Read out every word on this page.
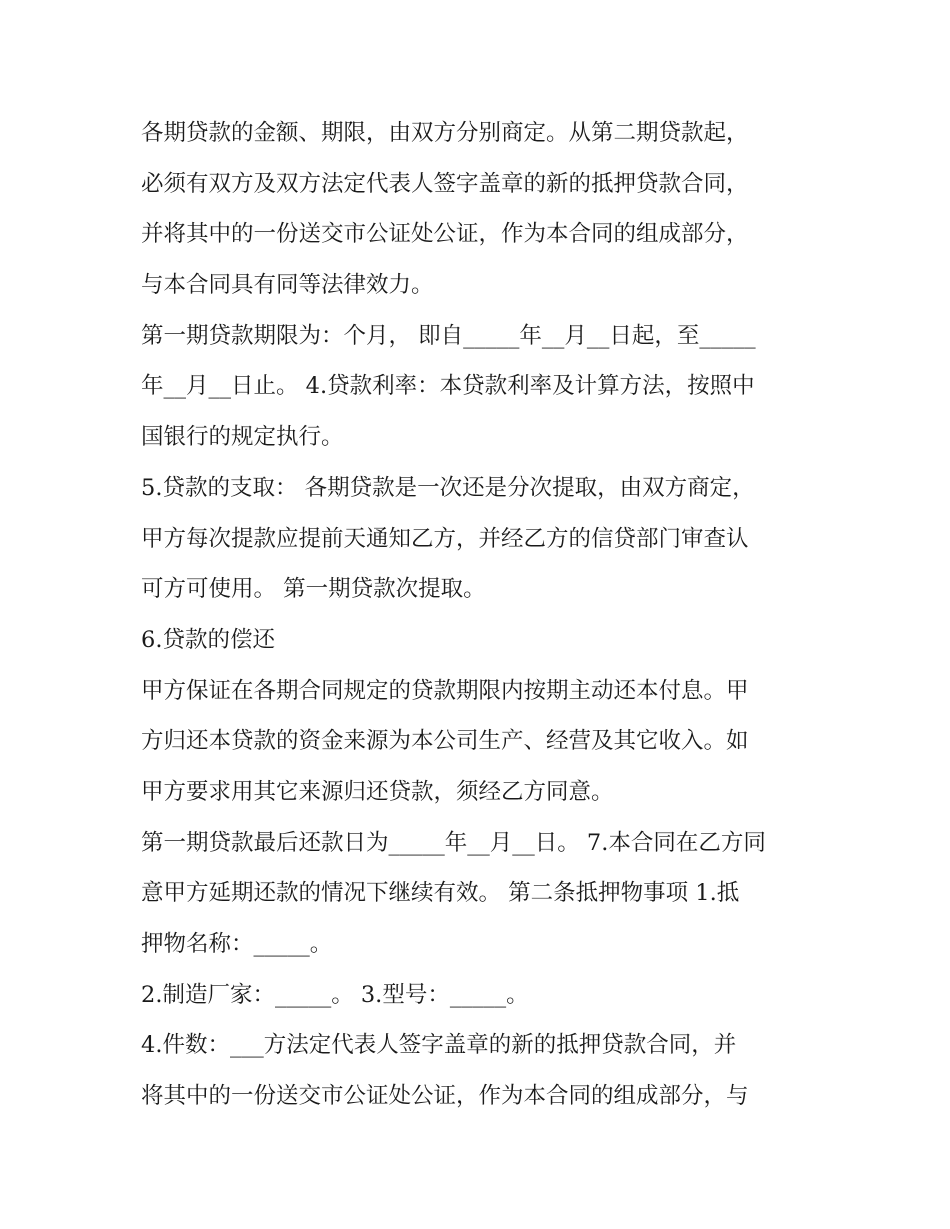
各期贷款的金额、期限，由双方分别商定。从第二期贷款起，
必须有双方及双方法定代表人签字盖章的新的抵押贷款合同，
并将其中的一份送交市公证处公证，作为本合同的组成部分，
与本合同具有同等法律效力。
第一期贷款期限为：个月， 即自_____年__月__日起，至_____
年__月__日止。 4.贷款利率：本贷款利率及计算方法，按照中
国银行的规定执行。
5.贷款的支取： 各期贷款是一次还是分次提取，由双方商定，
甲方每次提款应提前天通知乙方，并经乙方的信贷部门审查认
可方可使用。 第一期贷款次提取。
6.贷款的偿还
甲方保证在各期合同规定的贷款期限内按期主动还本付息。甲
方归还本贷款的资金来源为本公司生产、经营及其它收入。如
甲方要求用其它来源归还贷款，须经乙方同意。
第一期贷款最后还款日为_____年__月__日。 7.本合同在乙方同
意甲方延期还款的情况下继续有效。 第二条抵押物事项 1.抵
押物名称：_____。
2.制造厂家：_____。 3.型号：_____。
4.件数：___方法定代表人签字盖章的新的抵押贷款合同，并
将其中的一份送交市公证处公证，作为本合同的组成部分，与
